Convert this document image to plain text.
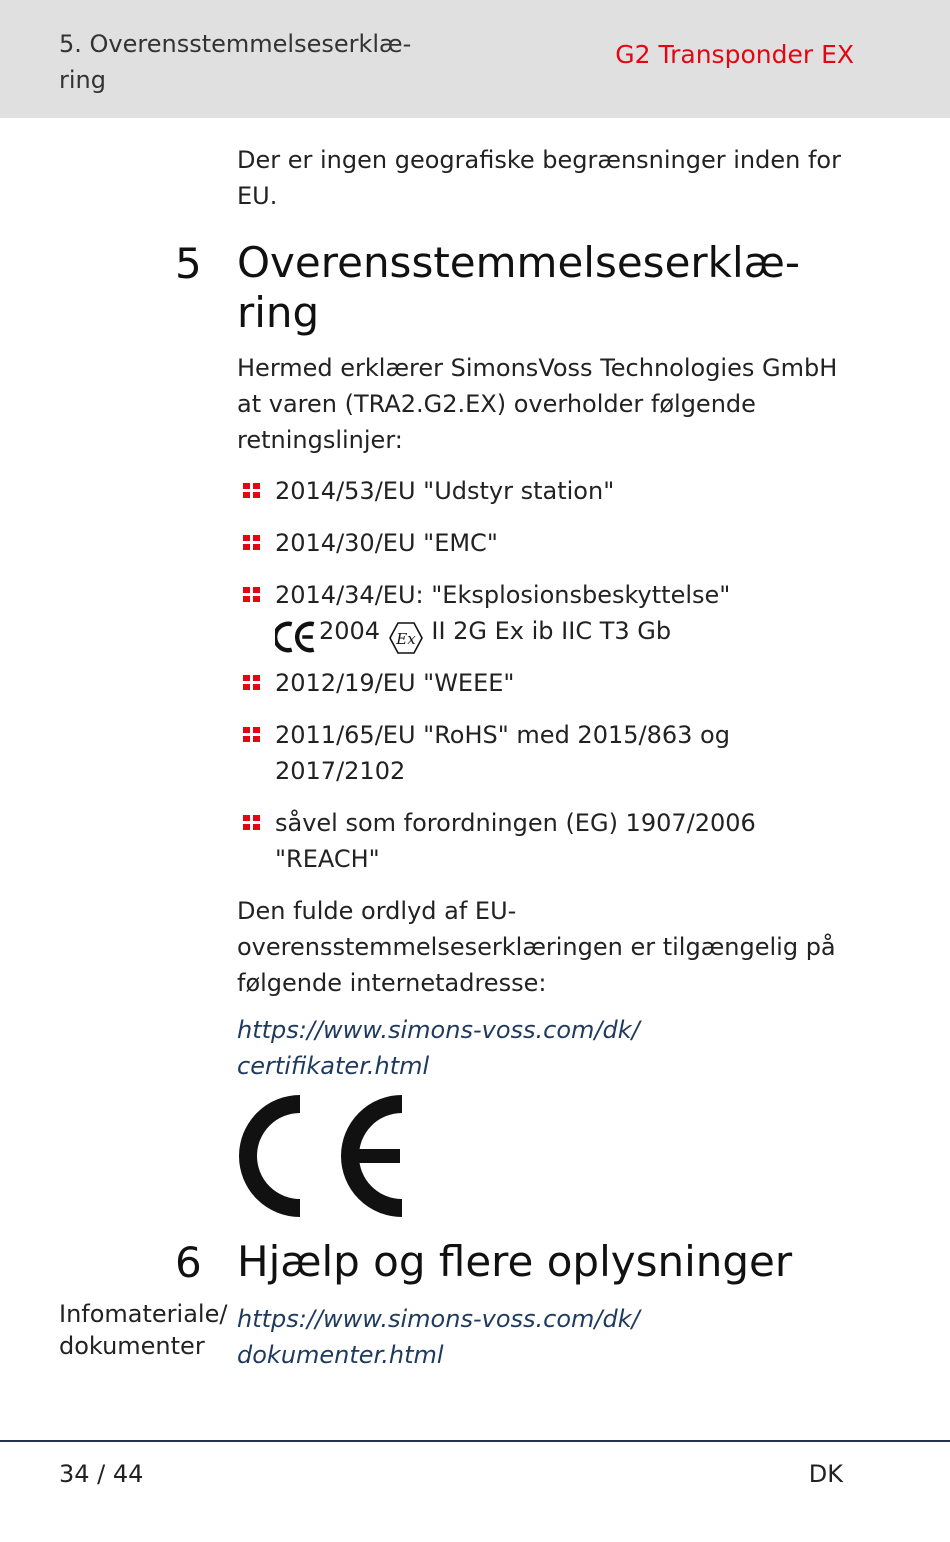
5. Overensstemmelseserklæ-
ring
G2 Transponder EX
Der er ingen geografiske begrænsninger inden for
EU.
5 Overensstemmelseserklæ-
ring
Hermed erklærer SimonsVoss Technologies GmbH
at varen (TRA2.G2.EX) overholder følgende
retningslinjer:
2014/53/EU "Udstyr station"
2014/30/EU "EMC"
2014/34/EU: "Eksplosionsbeskyttelse"
2004 Ex II 2G Ex ib IIC T3 Gb
2012/19/EU "WEEE"
2011/65/EU "RoHS" med 2015/863 og
2017/2102
såvel som forordningen (EG) 1907/2006
"REACH"
Den fulde ordlyd af EU-
overensstemmelseserklæringen er tilgængelig på
følgende internetadresse:
https://www.simons-voss.com/dk/
certifikater.html
6 Hjælp og flere oplysninger
Infomateriale/
dokumenter
https://www.simons-voss.com/dk/
dokumenter.html
34 / 44	DK
